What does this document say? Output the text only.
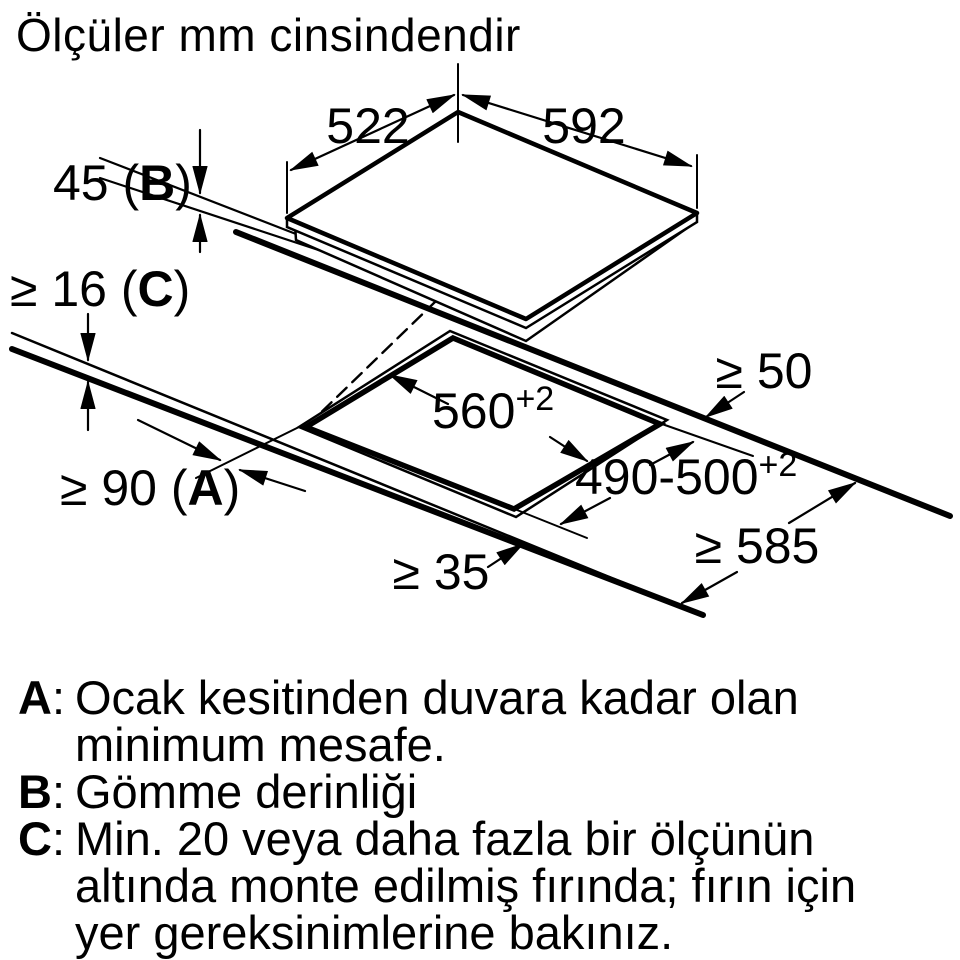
522	592
45 (B)
≥ 16 (C)
$560^{+2}$
$490-500^{+2}$
≥ 50
≥ 585
≥ 35
≥ 90 (A)
Ölçüler mm cinsindendir
A: Ocak kesitinden duvara kadar olan
minimum mesafe.
B: Gömme derinliği
C: Min. 20 veya daha fazla bir ölçünün
altında monte edilmiş fırında; fırın için
yer gereksinimlerine bakınız.
